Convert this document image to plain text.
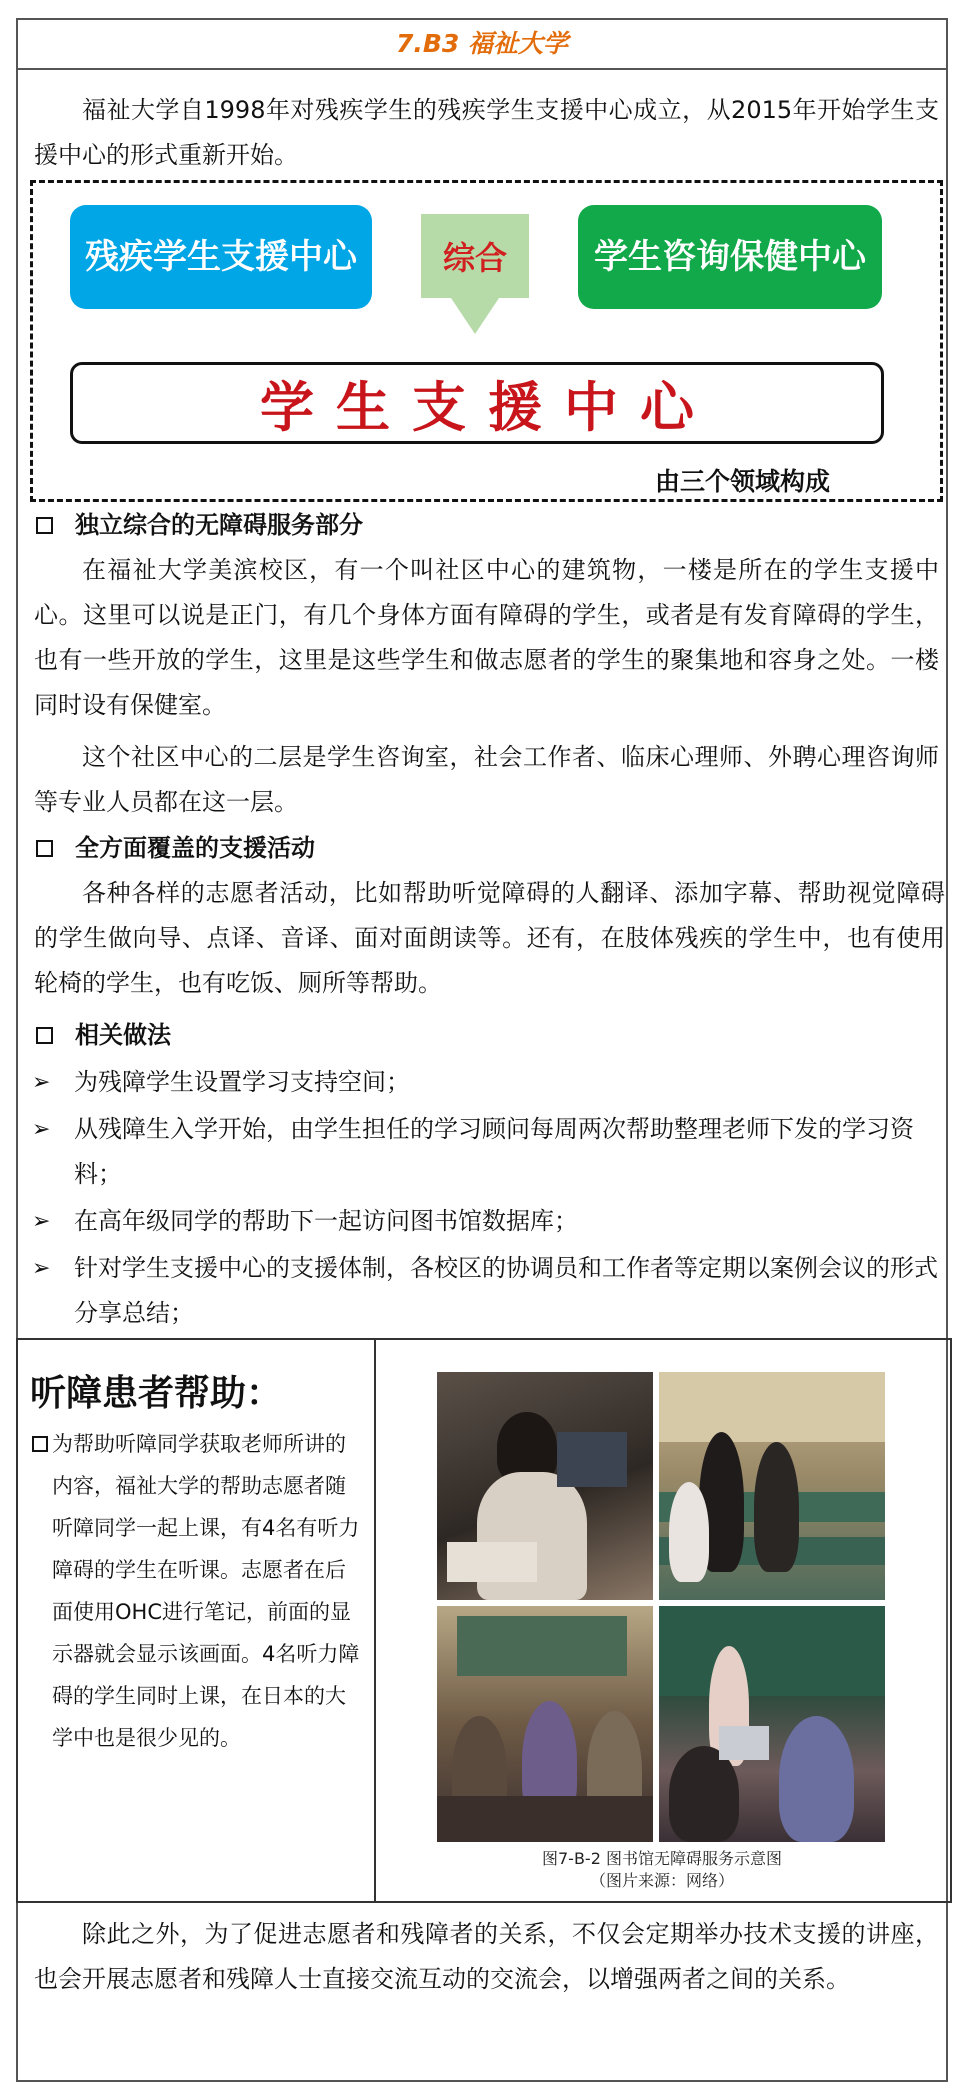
7.B3 福祉大学

福祉大学自1998年对残疾学生的残疾学生支援中心成立，从2015年开始学生支援中心的形式重新开始。

残疾学生支援中心	综合	学生咨询保健中心
学生支援中心
由三个领域构成
独立综合的无障碍服务部分

在福祉大学美滨校区，有一个叫社区中心的建筑物，一楼是所在的学生支援中心。这里可以说是正门，有几个身体方面有障碍的学生，或者是有发育障碍的学生，也有一些开放的学生，这里是这些学生和做志愿者的学生的聚集地和容身之处。一楼同时设有保健室。

这个社区中心的二层是学生咨询室，社会工作者、临床心理师、外聘心理咨询师等专业人员都在这一层。

全方面覆盖的支援活动

各种各样的志愿者活动，比如帮助听觉障碍的人翻译、添加字幕、帮助视觉障碍的学生做向导、点译、音译、面对面朗读等。还有，在肢体残疾的学生中，也有使用轮椅的学生，也有吃饭、厕所等帮助。

相关做法
➢ 为残障学生设置学习支持空间；

➢ 从残障生入学开始，由学生担任的学习顾问每周两次帮助整理老师下发的学习资料；

➢ 在高年级同学的帮助下一起访问图书馆数据库；

➢ 针对学生支援中心的支援体制，各校区的协调员和工作者等定期以案例会议的形式分享总结；

听障患者帮助：

为帮助听障同学获取老师所讲的内容，福祉大学的帮助志愿者随听障同学一起上课，有4名有听力障碍的学生在听课。志愿者在后面使用OHC进行笔记，前面的显示器就会显示该画面。4名听力障碍的学生同时上课，在日本的大学中也是很少见的。

图7-B-2 图书馆无障碍服务示意图
（图片来源：网络）

除此之外，为了促进志愿者和残障者的关系，不仅会定期举办技术支援的讲座，也会开展志愿者和残障人士直接交流互动的交流会，以增强两者之间的关系。
